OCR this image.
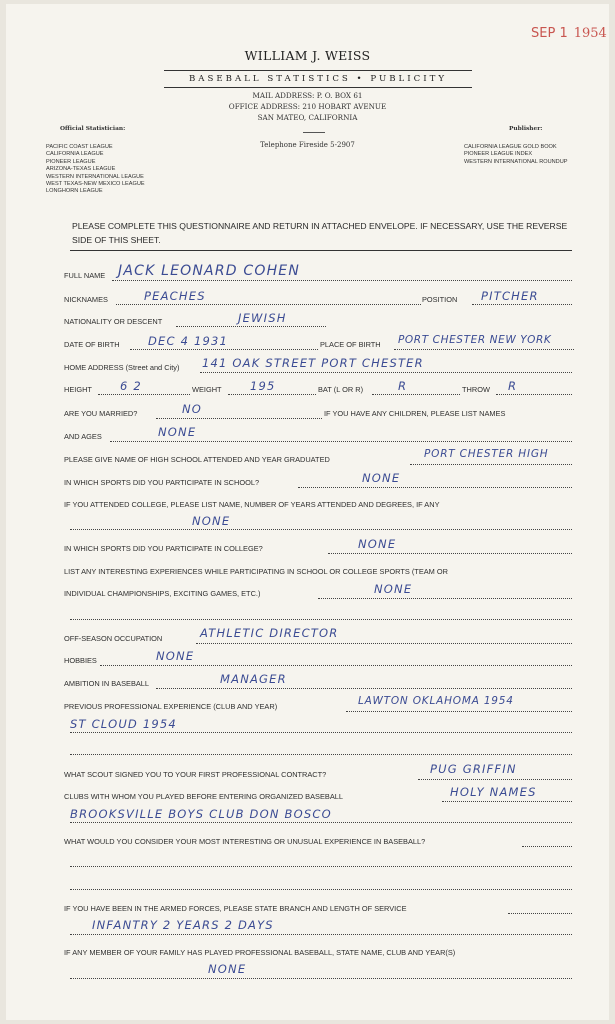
SEP 1 1954
WILLIAM J. WEISS
BASEBALL STATISTICS • PUBLICITY
MAIL ADDRESS: P. O. BOX 61
OFFICE ADDRESS: 210 HOBART AVENUE
SAN MATEO, CALIFORNIA
Telephone Fireside 5-2907
Official Statistician:
PACIFIC COAST LEAGUE
CALIFORNIA LEAGUE
PIONEER LEAGUE
ARIZONA-TEXAS LEAGUE
WESTERN INTERNATIONAL LEAGUE
WEST TEXAS-NEW MEXICO LEAGUE
LONGHORN LEAGUE
Publisher:
CALIFORNIA LEAGUE GOLD BOOK
PIONEER LEAGUE INDEX
WESTERN INTERNATIONAL ROUNDUP
PLEASE COMPLETE THIS QUESTIONNAIRE AND RETURN IN ATTACHED ENVELOPE. IF NECESSARY, USE THE REVERSE SIDE OF THIS SHEET.
FULL NAME JACK LEONARD COHEN
NICKNAMES	PEACHES	POSITION PITCHER
NATIONALITY OR DESCENT	JEWISH
DATE OF BIRTH DEC 4 1931	PLACE OF BIRTH PORT CHESTER NEW YORK
HOME ADDRESS (Street and City) 141 OAK STREET PORT CHESTER
HEIGHT 6 2	WEIGHT 195	BAT (L OR R)	R	THROW R
ARE YOU MARRIED?	NO	IF YOU HAVE ANY CHILDREN, PLEASE LIST NAMES
AND AGES	NONE
PLEASE GIVE NAME OF HIGH SCHOOL ATTENDED AND YEAR GRADUATED	PORT CHESTER HIGH
IN WHICH SPORTS DID YOU PARTICIPATE IN SCHOOL?	NONE
IF YOU ATTENDED COLLEGE, PLEASE LIST NAME, NUMBER OF YEARS ATTENDED AND DEGREES, IF ANY
NONE
IN WHICH SPORTS DID YOU PARTICIPATE IN COLLEGE?	NONE
LIST ANY INTERESTING EXPERIENCES WHILE PARTICIPATING IN SCHOOL OR COLLEGE SPORTS (TEAM OR
INDIVIDUAL CHAMPIONSHIPS, EXCITING GAMES, ETC.)	NONE
OFF-SEASON OCCUPATION	ATHLETIC DIRECTOR
HOBBIES	NONE
AMBITION IN BASEBALL	MANAGER
PREVIOUS PROFESSIONAL EXPERIENCE (CLUB AND YEAR)	LAWTON OKLAHOMA 1954
ST CLOUD 1954
WHAT SCOUT SIGNED YOU TO YOUR FIRST PROFESSIONAL CONTRACT?	PUG GRIFFIN
CLUBS WITH WHOM YOU PLAYED BEFORE ENTERING ORGANIZED BASEBALL	HOLY NAMES
BROOKSVILLE BOYS CLUB DON BOSCO
WHAT WOULD YOU CONSIDER YOUR MOST INTERESTING OR UNUSUAL EXPERIENCE IN BASEBALL?
IF YOU HAVE BEEN IN THE ARMED FORCES, PLEASE STATE BRANCH AND LENGTH OF SERVICE
INFANTRY 2 YEARS 2 DAYS
IF ANY MEMBER OF YOUR FAMILY HAS PLAYED PROFESSIONAL BASEBALL, STATE NAME, CLUB AND YEAR(S)
NONE
